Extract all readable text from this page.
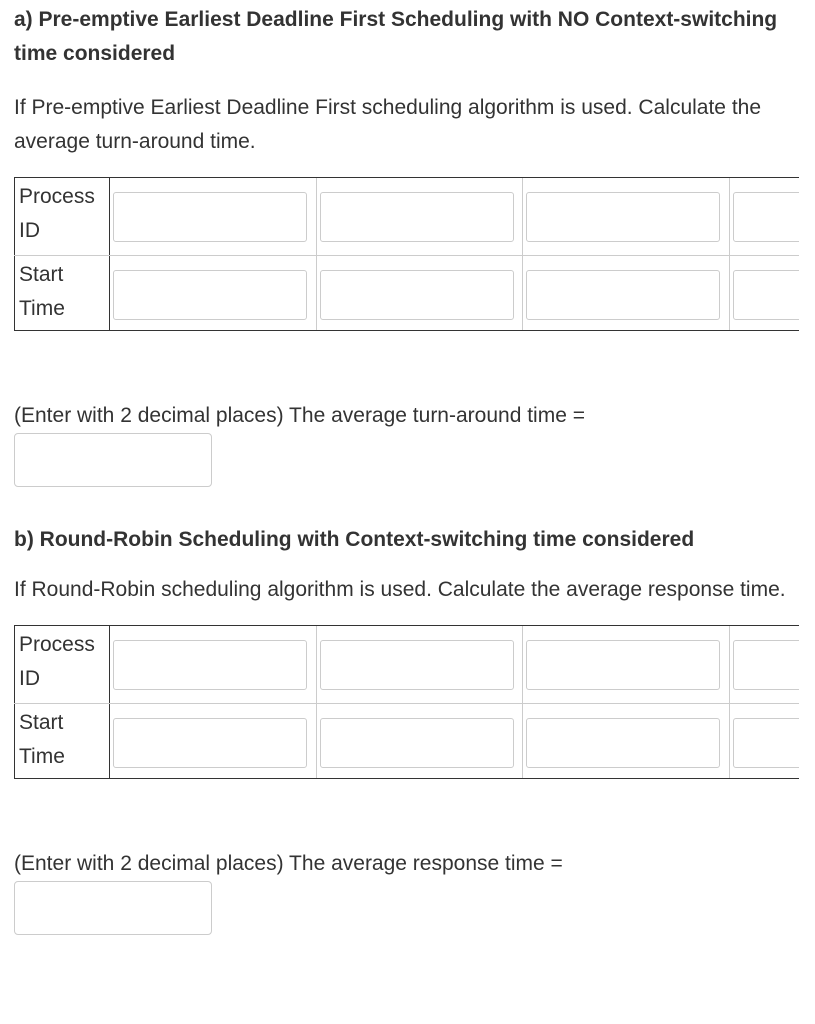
a) Pre-emptive Earliest Deadline First Scheduling with NO Context-switching time considered

If Pre-emptive Earliest Deadline First scheduling algorithm is used. Calculate the average turn-around time.

Process ID	

Start Time	

(Enter with 2 decimal places) The average turn-around time =

b) Round-Robin Scheduling with Context-switching time considered

If Round-Robin scheduling algorithm is used. Calculate the average response time.

Process ID	

Start Time	

(Enter with 2 decimal places) The average response time =
